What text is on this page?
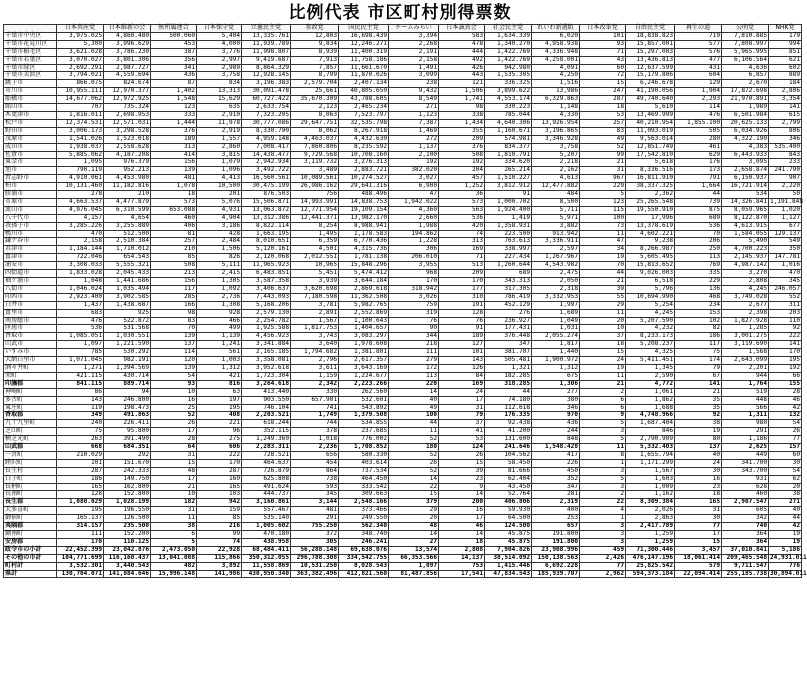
比例代表 市区町村別得票数
	日本共産党	日本維新の会	無所属連合	日本保守党	立憲民主党	参政党	国民民主党	チームみらい	日本誠真会	社会民主党	れいわ新選組	日本改革党	自由民主党	再生の道	公明党	NHK党
千葉市中央区	3,975.025	4,860.480	500.060	5,404	13,335.761	12,803	16,698.439	3,394	583	1,634.339	6,020	101	18,838.823	719	7,810.885	179
千葉市花見川区	5,300	3,996.629	453	4,000	11,939.789	9,834	12,246.271	2,268	478	1,340.270	4,958.938	93	15,857.001	577	7,808.997	994
千葉市稲毛区	3,621.028	3,786.230	387	3,776	11,998.807	8,939	11,400.319	2,191	444	1,422.769	4,336.948	71	15,297.003	576	5,965.995	851
千葉市若葉区	3,070.027	3,801.306	356	2,997	9,419.687	7,913	11,758.186	2,158	492	1,422.769	4,258.001	43	13,436.813	477	6,106.564	621
千葉市緑区	2,692.291	2,987.727	341	2,989	8,864.329	7,857	11,661.670	1,491	426	942.980	4,091	60	12,637.599	431	4,636	602
千葉市美浜区	3,794.021	4,559.694	436	3,758	12,928.145	8,799	11,870.026	3,099	443	1,535.305	4,250	72	15,179.806	604	6,857	889
銚子市	866.075	824.674	87	834	3,196.383	2,579.704	2,407.134	238	121	336.325	1,516	15	6,246.678	129	2,670	184
市川市	10,955.111	12,970.377	1,402	13,313	30,091.478	25,661	40,805.650	9,432	1,506	3,899.622	13,986	247	41,190.056	1,904	17,872.698	2,806
船橋市	14,677.062	12,972.925	1,548	15,629	60,727.422	35,670.309	43,788.605	8,549	1,741	4,553.174	6,329.863	287	49,740.640	2,293	21,970.891	3,354
館山市	707	735.324	123	635	2,633.754	2,123	2,465.234	271	98	330.223	1,148	18	5,610	114	1,989	141
木更津市	1,816.011	2,698.953	333	2,910	7,323.205	8,063	7,523.797	1,123	338	785.044	4,330	53	13,469.999	476	6,501.984	615
松戸市	12,374.531	12,571.031	1,444	11,978	30,777.086	29,647.751	32,535.798	7,387	1,434	4,640.306	13,926.954	257	40,210.954	1,855.100	20,625.133	2,799
野田市	3,006.173	3,298.528	376	2,919	8,330.790	8,062	8,267.918	1,469	355	1,160.671	3,196.865	83	11,093.019	505	6,034.926	806
茂原市	1,541.026	1,523.018	189	1,557	4,959.148	4,463.037	4,432.630	272	209	574.981	3,346.928	49	9,563.014	280	4,322.190	346
成田市	1,938.037	2,558.628	313	2,860	7,008.417	7,860.806	8,235.592	1,137	376	834.377	3,758	52	12,851.749	461	4,383	535.400
佐倉市	5,885.062	4,187.208	414	3,815	14,438.477	9,729.568	10,708.160	2,100	508	1,810.791	5,207	99	17,542.810	629	6,443.933	843
東金市	1,095	976.379	156	1,079	2,942.934	3,119.732	3,276.313	192	192	334.620	2,218	21	5,618	176	3,095	233
旭市	790.119	952.213	139	1,096	3,492.722	3,489	2,883.721	382.020	204	265.214	2,162	31	8,336.516	173	2,658.874	241.790
習志野市	4,910.061	4,453.980	481	4,413	16,560.561	10,089.561	10,274.527	3,027	457	1,510.227	4,613	967	16,811.910	791	6,150.937	907
柏市	10,131.460	11,182.816	1,078	10,500	30,475.199	26,986.162	29,641.316	6,900	1,252	3,812.912	12,477.882	229	38,337.325	1,664	16,721.914	2,220
勝浦市	278	210	18	201	876.503	756	488.496	47	36	91	484	5	2,362	44	534	50
市原市	4,663.537	4,477.879	573	5,076	15,506.871	14,993.991	14,838.753	1,942.022	573	1,000.702	8,500	123	25,265.548	739	14,326.841	1,191.848
流山市	4,976.045	6,310.599	653.088	4,931	13,063.872	12,771.954	19,109.154	4,360	563	1,924.400	5,711	115	19,550.910	875	8,059.965	1,020
八千代市	4,157	4,654	460	4,904	13,312.386	12,441.371	13,982.170	2,660	536	1,419	5,971	100	17,996	689	8,122.870	1,127
我孫子市	3,285.226	3,255.889	406	3,186	8,822.114	8,254	8,988.941	1,988	420	1,358.931	3,882	73	13,378.619	536	4,613.915	677
鴨川市	470	512.500	81	428	1,663.195	1,495	1,178.583	194.862	74	223.500	913.942	11	4,602.221	70	1,584.055	129.137
鎌ケ谷市	2,158	2,510.384	257	2,484	8,010.651	6,359	6,770.436	1,228	313	763.613	3,336.911	47	9,238	206	5,490	549
君津市	1,184.144	1,710.012	210	1,506	5,120.161	4,501	4,315.736	306	169	338.997	2,597	34	8,266.987	250	4,700.223	350
富津市	722.046	654.543	85	826	2,120.068	2,012.551	1,781.138	206.010	71	227.434	1,267.967	19	5,605.495	113	2,145.937	147.781
浦安市	3,308.033	5,555.321	508	5,111	11,965.923	10,965	15,848.296	3,955	513	1,260.644	4,543.982	70	15,813.652	769	4,987.142	1,016
四街道市	1,833.028	2,045.433	213	2,415	6,483.851	5,451	5,474.412	968	209	689	2,475	44	9,026.003	335	3,270	470
袖ケ浦市	1,048	1,441.686	156	1,305	3,587.358	3,939	3,644.184	170	170	343.313	2,050	21	6,518	229	2,808	345
八街市	1,046.024	1,035.494	117	1,092	3,406.637	3,620.698	2,869.618	318.942	177	317.305	2,318	39	5,796	136	4,245	246.057
印西市	2,923.400	3,902.585	285	2,736	7,443.093	7,180.598	11,362.508	3,026	310	786.419	3,332.953	55	10,694.990	468	3,749.028	552
白井市	1,437	1,438.687	166	1,308	5,168.206	3,781	5,982.765	759	191	452.129	1,997	29	5,254	234	2,677	311
富里市	683	925	98	928	2,579.130	2,891	2,552.869	319	128	276	1,689	11	4,245	153	2,398	203
南房総市	476	522.872	83	466	2,254.782	1,567	1,100.643	76	76	236.927	1,049	20	5,207.590	102	1,827.928	110
匝瑳市	536	531.568	70	499	1,925.588	1,817.753	1,404.657	90	91	177.431	1,031	10	4,232	82	1,285	92
香取市	1,085.051	1,030.551	139	1,139	4,456.923	3,743	3,083.297	344	189	376.448	2,055.274	37	8,233.173	186	3,001.275	222
山武市	1,097	1,221.590	137	1,241	3,341.884	3,640	1,978.608	218	127	347	1,817	18	5,208.237	117	3,119.690	141
いすみ市	785	530.292	114	561	2,165.185	1,794.682	1,381.801	111	101	381.707	1,440	15	4,325	75	1,568	170
大網白里市	1,071.045	982.191	120	1,003	3,358.081	2,796	2,617.357	279	143	505.481	1,900.972	24	5,411.451	174	2,643.099	195
酒々井町	1,271	1,394.569	139	1,312	3,952.618	3,611	3,643.169	172	126	1,321	1,312	19	1,345	79	2,201	192
栄町	421.115	430.714	54	421	1,723.304	1,159	1,224.677	113	84	182.285	675	11	2,590	67	944	66
印旛郡	841.115	889.714	93	816	3,264.618	2,342	2,223.266	220	169	318.285	1,306	21	4,772	141	1,764	155
神崎町	86	94	10	63	413.440	330	262.560	14	24	44	277	2	1,061	21	519	28
多古町	143	246.800	16	197	903.550	657.901	532.601	40	17	74.180	380	6	1,862	35	448	46
東庄町	119	198.473	25	195	746.104	741	543.892	49	31	112.618	346	6	1,688	35	566	42
香取郡	349	491.863	52	408	2,203.521	1,749	1,379.508	100	79	176.335	970	9	4,748.966	92	1,311	132
九十九里町	240	226.411	26	221	618.244	744	534.855	44	37	92.438	436	5	1,687.404	38	980	54
芝山町	75	95.800	17	96	352.115	378	237.685	11	41	41.200	244	3	846	19	291	26
横芝光町	263	391.490	28	275	1,249.360	1,018	776.002	52	53	131.600	848	5	2,790.909	80	1,186	77
山武郡	668	684.351	64	606	2,283.311	2,236	1,708.852	180	124	241.646	1,548.428	11	5,332.403	137	2,625	157
一宮町	210.029	292	31	222	728.521	656	580.330	52	26	104.562	417	8	1,655.794	40	449	60
睦沢町	101	151.670	15	170	464.637	454	403.614	26	15	58.450	226	1	1,171.299	24	341.700	30
長生村	287	242.333	48	287	726.879	864	737.534	52	39	81.666	450	3	1,567	30	343.700	54
白子町	186	149.750	17	160	625.808	738	464.450	14	23	62.404	352	5	1,603	16	931	62
長柄町	165	162.800	21	165	491.624	593	333.542	22	9	43.450	347	3	1,009	23	628	20
長南町	128	152.800	10	103	444.737	345	309.663	15	14	52.764	281	2	1,162	18	460	38
長生郡	1,080.029	1,028.199	182	942	3,160.861	3,144	2,548.166	379	200	406.806	2,319	22	8,309.384	165	2,907.547	271
大多喜町	195	196.550	31	159	557.467	481	373.466	29	16	59.930	400	4	2,026	31	605	40
御宿町	165.137	126.500	11	85	535.140	291	249.550	20	17	64.500	253	1	2,863	30	342	44
夷隅郡	314.157	235.500	38	216	1,005.602	755.250	562.340	48	46	124.500	657	3	2,417.789	77	740	42
鋸南町	111	152.200	6	99	470.180	372	348.740	14	14	45.875	191.800	3	1,259	17	364	19
安房郡	170	110.125	5	74	438.958	305	246.241	27	18	45.875	191.800	3	1,259	15	364	19
政令市の小計	22,452.399	23,042.876	2,473.050	22,928	68,484.411	56,288.148	69,638.076	13,574	2,808	7,904.826	23,908.996	459	71,300.446	3,457	37,010.841	5,186
その他の市計	104,771.699	116,160.437	13,041.088	115,866	350,312.055	296,788.308	334,542.755	66,353.566	14,137	38,514.092	150,138.563	2,426	476,147.196	18,061.414	209,465.548	24,931.011
町村計	3,532.301	3,440.543	482	3,892	11,558.869	10,531.250	8,028.543	1,097	753	1,415.446	6,692.228	77	25,825.542	579	9,711.547	776
県計	130,704.071	141,884.646	15,996.148	141,986	430,950.340	363,382.496	412,821.560	81,487.856	17,541	47,834.543	185,939.707	2,962	594,373.184	22,094.414	255,185.738	30,894.011
